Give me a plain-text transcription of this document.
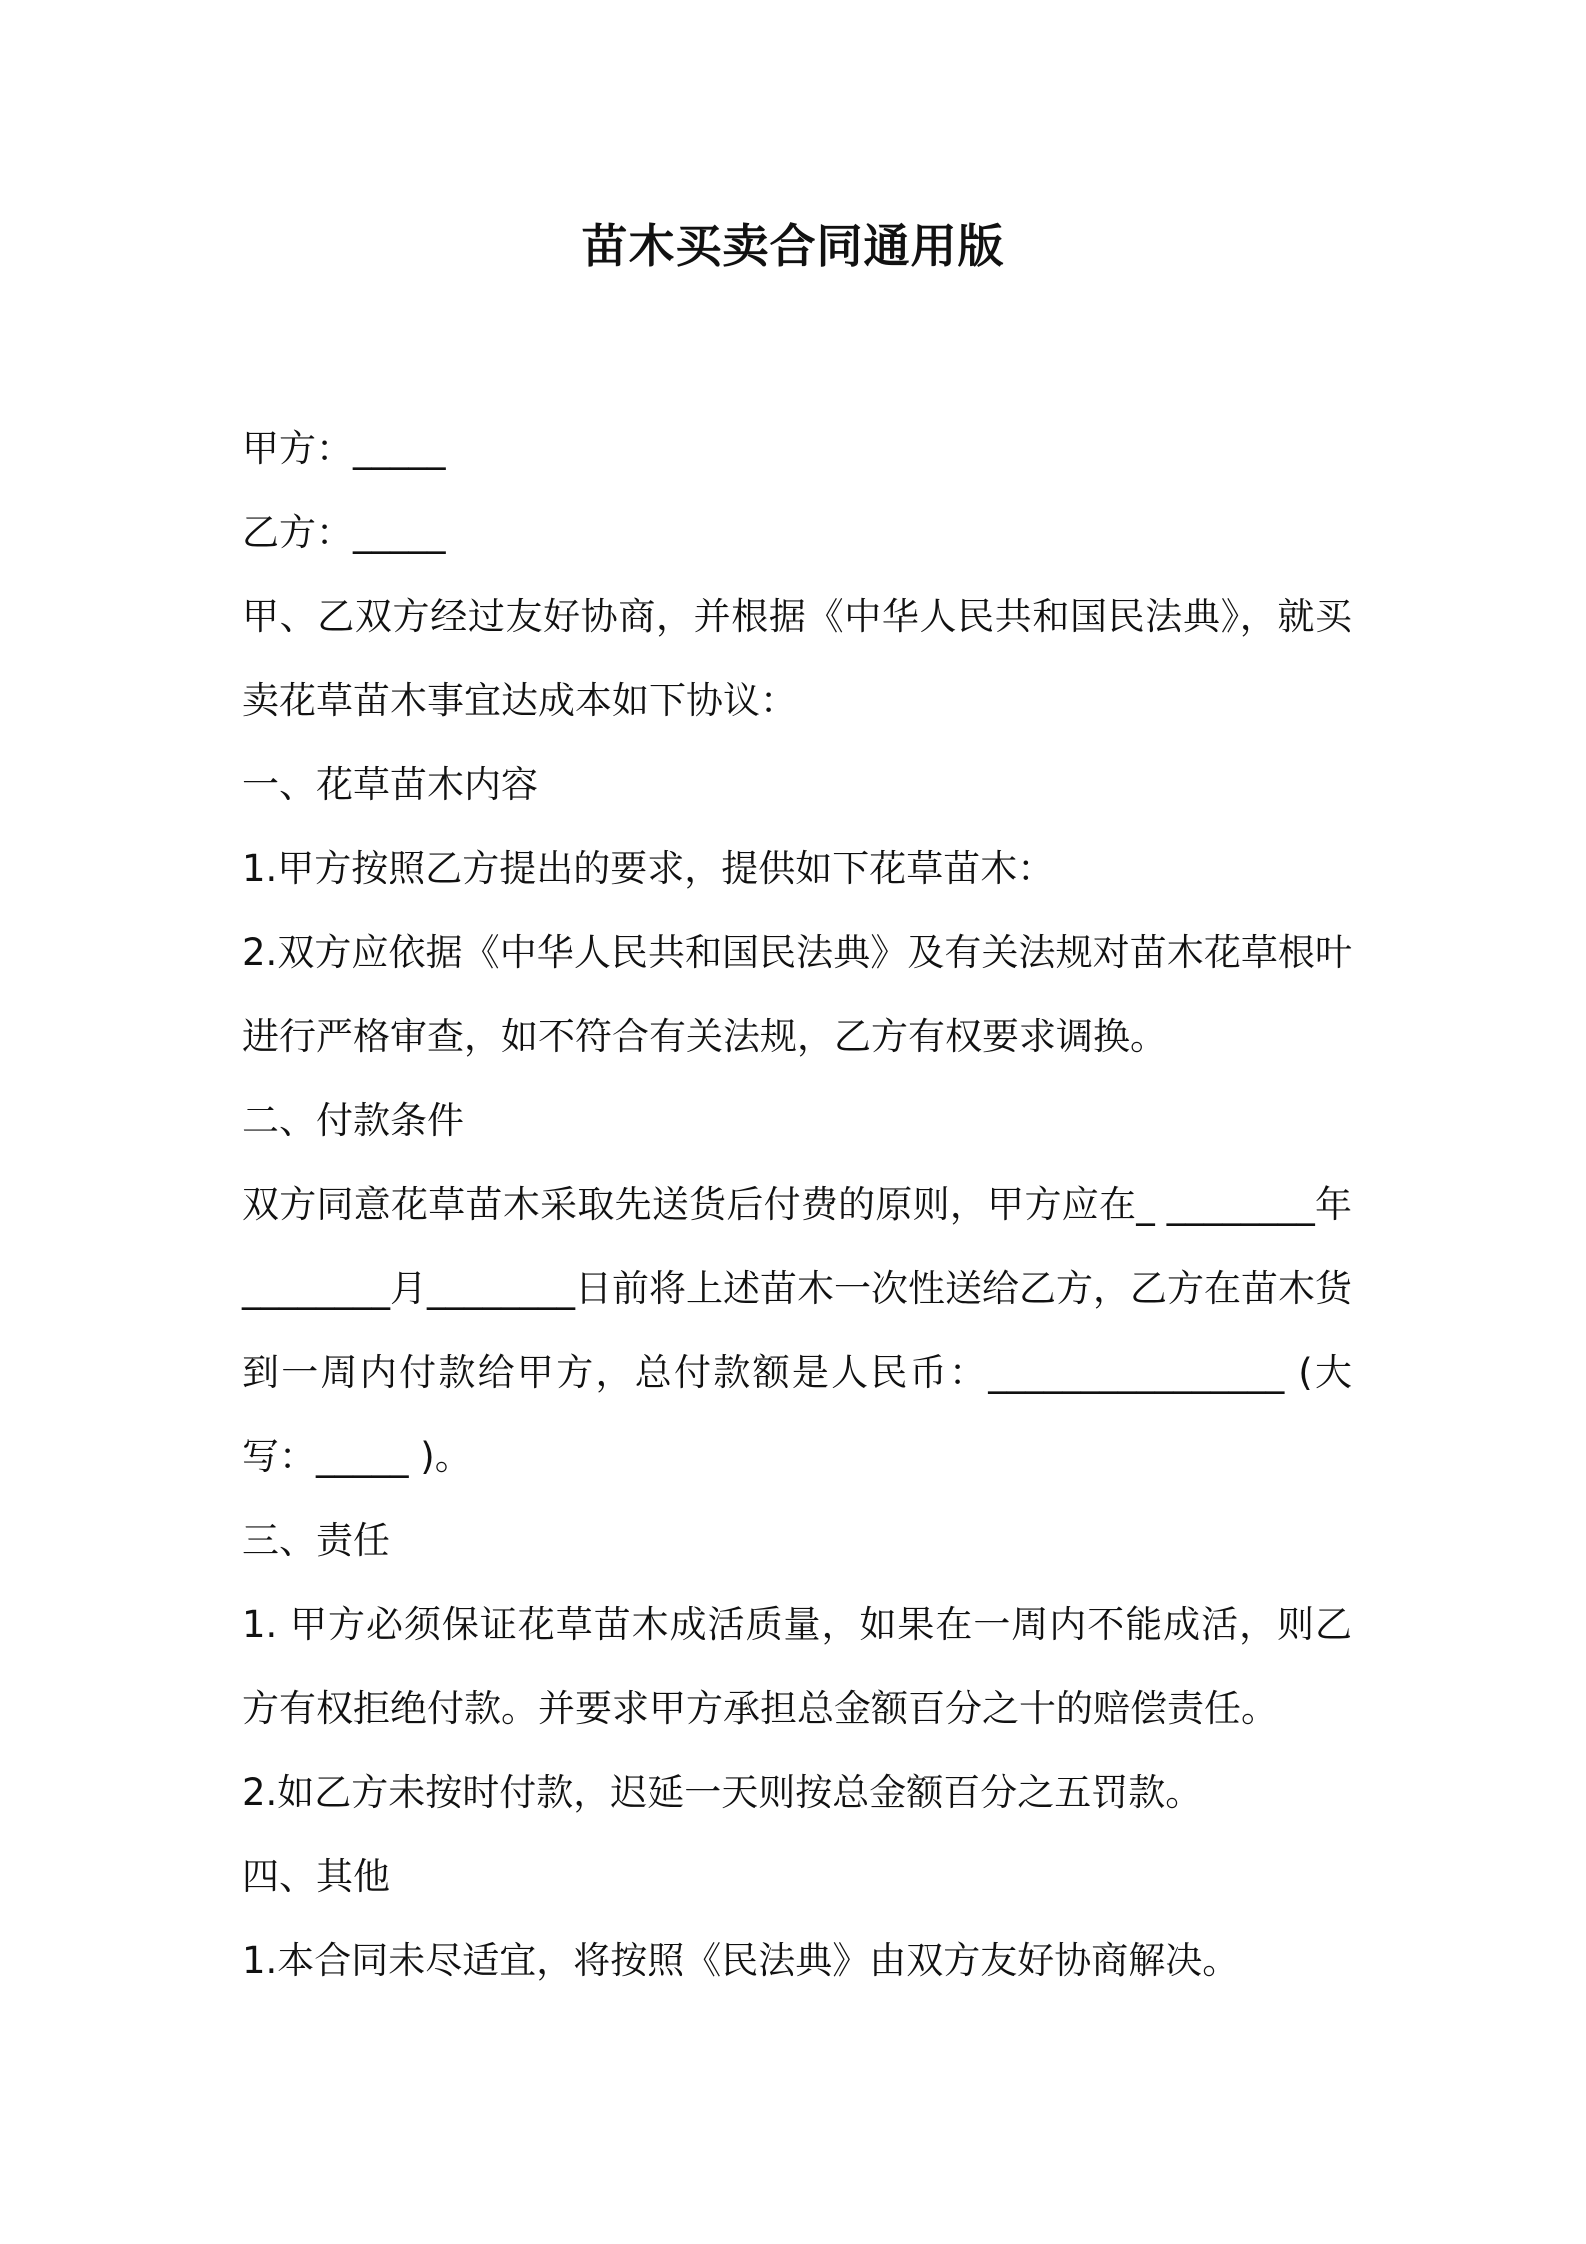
苗木买卖合同通用版

甲方：_____

乙方：_____

甲、乙双方经过友好协商，并根据《中华人民共和国民法典》，就买卖花草苗木事宜达成本如下协议：

一、花草苗木内容

1.甲方按照乙方提出的要求，提供如下花草苗木：

2.双方应依据《中华人民共和国民法典》及有关法规对苗木花草根叶进行严格审查，如不符合有关法规，乙方有权要求调换。

二、付款条件

双方同意花草苗木采取先送货后付费的原则，甲方应在_ ________年________月________日前将上述苗木一次性送给乙方，乙方在苗木货到一周内付款给甲方，总付款额是人民币：________________ (大写：_____ )。

三、责任

1. 甲方必须保证花草苗木成活质量，如果在一周内不能成活，则乙方有权拒绝付款。并要求甲方承担总金额百分之十的赔偿责任。

2.如乙方未按时付款，迟延一天则按总金额百分之五罚款。

四、其他

1.本合同未尽适宜，将按照《民法典》由双方友好协商解决。
